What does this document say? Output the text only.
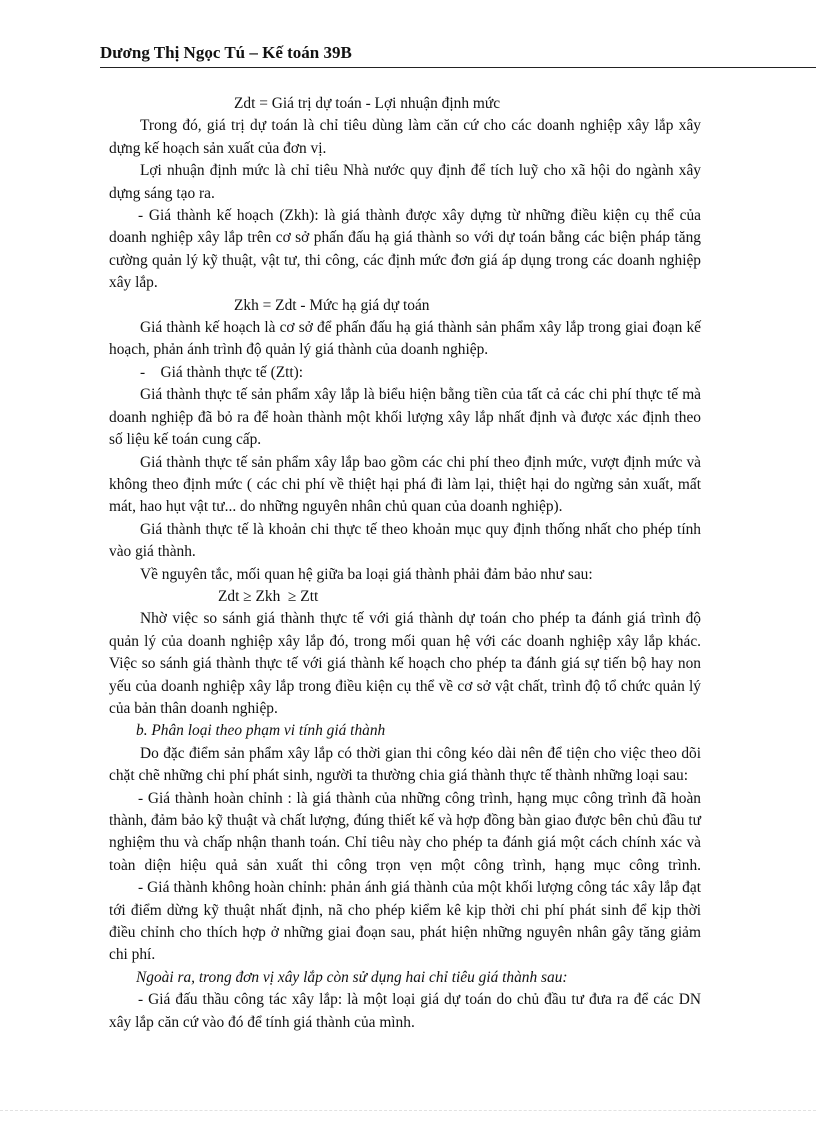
Dương Thị Ngọc Tú – Kế toán 39B

Zdt = Giá trị dự toán - Lợi nhuận định mức

Trong đó, giá trị dự toán là chỉ tiêu dùng làm căn cứ cho các doanh nghiệp xây lắp xây dựng kế hoạch sản xuất của đơn vị.

Lợi nhuận định mức là chỉ tiêu Nhà nước quy định để tích luỹ cho xã hội do ngành xây dựng sáng tạo ra.

- Giá thành kế hoạch (Zkh): là giá thành được xây dựng từ những điều kiện cụ thể của doanh nghiệp xây lắp trên cơ sở phấn đấu hạ giá thành so với dự toán bằng các biện pháp tăng cường quản lý kỹ thuật, vật tư, thi công, các định mức đơn giá áp dụng trong các doanh nghiệp xây lắp.

Zkh = Zdt - Mức hạ giá dự toán

Giá thành kế hoạch là cơ sở để phấn đấu hạ giá thành sản phẩm xây lắp trong giai đoạn kế hoạch, phản ánh trình độ quản lý giá thành của doanh nghiệp.

-    Giá thành thực tế (Ztt):

Giá thành thực tế sản phẩm xây lắp là biểu hiện bằng tiền của tất cả các chi phí thực tế mà doanh nghiệp đã bỏ ra để hoàn thành một khối lượng xây lắp nhất định và được xác định theo số liệu kế toán cung cấp.

Giá thành thực tế sản phẩm xây lắp bao gồm các chi phí theo định mức, vượt định mức và không theo định mức ( các chi phí về thiệt hại phá đi làm lại, thiệt hại do ngừng sản xuất, mất mát, hao hụt vật tư... do những nguyên nhân chủ quan của doanh nghiệp).

Giá thành thực tế là khoản chi thực tế theo khoản mục quy định thống nhất cho phép tính vào giá thành.

Về nguyên tắc, mối quan hệ giữa ba loại giá thành phải đảm bảo như sau:

Zdt ≥ Zkh  ≥ Ztt

Nhờ việc so sánh giá thành thực tế với giá thành dự toán cho phép ta đánh giá trình độ quản lý của doanh nghiệp xây lắp đó, trong mối quan hệ với các doanh nghiệp xây lắp khác. Việc so sánh giá thành thực tế với giá thành kế hoạch cho phép ta đánh giá sự tiến bộ hay non yếu của doanh nghiệp xây lắp trong điều kiện cụ thể về cơ sở vật chất, trình độ tổ chức quản lý của bản thân doanh nghiệp.

b. Phân loại theo phạm vi tính giá thành

Do đặc điểm sản phẩm xây lắp có thời gian thi công kéo dài nên để tiện cho việc theo dõi chặt chẽ những chi phí phát sinh, người ta thường chia giá thành thực tế thành những loại sau:

- Giá thành hoàn chỉnh : là giá thành của những công trình, hạng mục công trình đã hoàn thành, đảm bảo kỹ thuật và chất lượng, đúng thiết kế và hợp đồng bàn giao được bên chủ đầu tư nghiệm thu và chấp nhận thanh toán. Chỉ tiêu này cho phép ta đánh giá một cách chính xác và toàn diện hiệu quả sản xuất thi công trọn vẹn một công trình, hạng mục công trình.

- Giá thành không hoàn chỉnh: phản ánh giá thành của một khối lượng công tác xây lắp đạt tới điểm dừng kỹ thuật nhất định, nã cho phép kiểm kê kịp thời chi phí phát sinh để kịp thời điều chỉnh cho thích hợp ở những giai đoạn sau, phát hiện những nguyên nhân gây tăng giảm chi phí.

Ngoài ra, trong đơn vị xây lắp còn sử dụng hai chỉ tiêu giá thành sau:

- Giá đấu thầu công tác xây lắp: là một loại giá dự toán do chủ đầu tư đưa ra để các DN xây lắp căn cứ vào đó để tính giá thành của mình.
